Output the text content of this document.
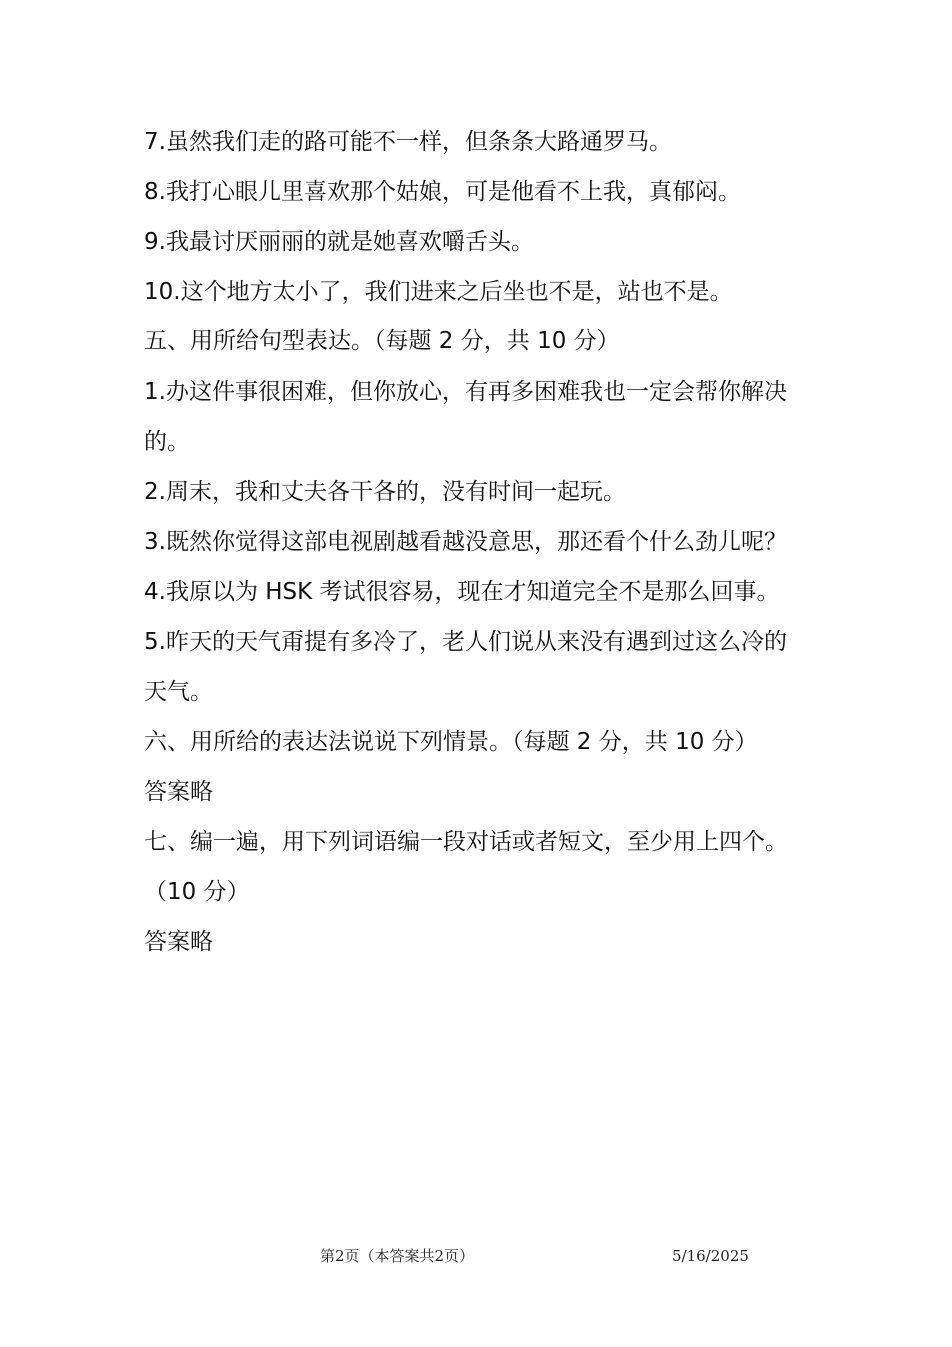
7.虽然我们走的路可能不一样，但条条大路通罗马。
8.我打心眼儿里喜欢那个姑娘，可是他看不上我，真郁闷。
9.我最讨厌丽丽的就是她喜欢嚼舌头。
10.这个地方太小了，我们进来之后坐也不是，站也不是。
五、用所给句型表达。（每题 2 分，共 10 分）
1.办这件事很困难，但你放心，有再多困难我也一定会帮你解决
的。
2.周末，我和丈夫各干各的，没有时间一起玩。
3.既然你觉得这部电视剧越看越没意思，那还看个什么劲儿呢？
4.我原以为 HSK 考试很容易，现在才知道完全不是那么回事。
5.昨天的天气甭提有多冷了，老人们说从来没有遇到过这么冷的
天气。
六、用所给的表达法说说下列情景。（每题 2 分，共 10 分）
答案略
七、编一遍，用下列词语编一段对话或者短文，至少用上四个。
（10 分）
答案略
第2页（本答案共2页）	5/16/2025
